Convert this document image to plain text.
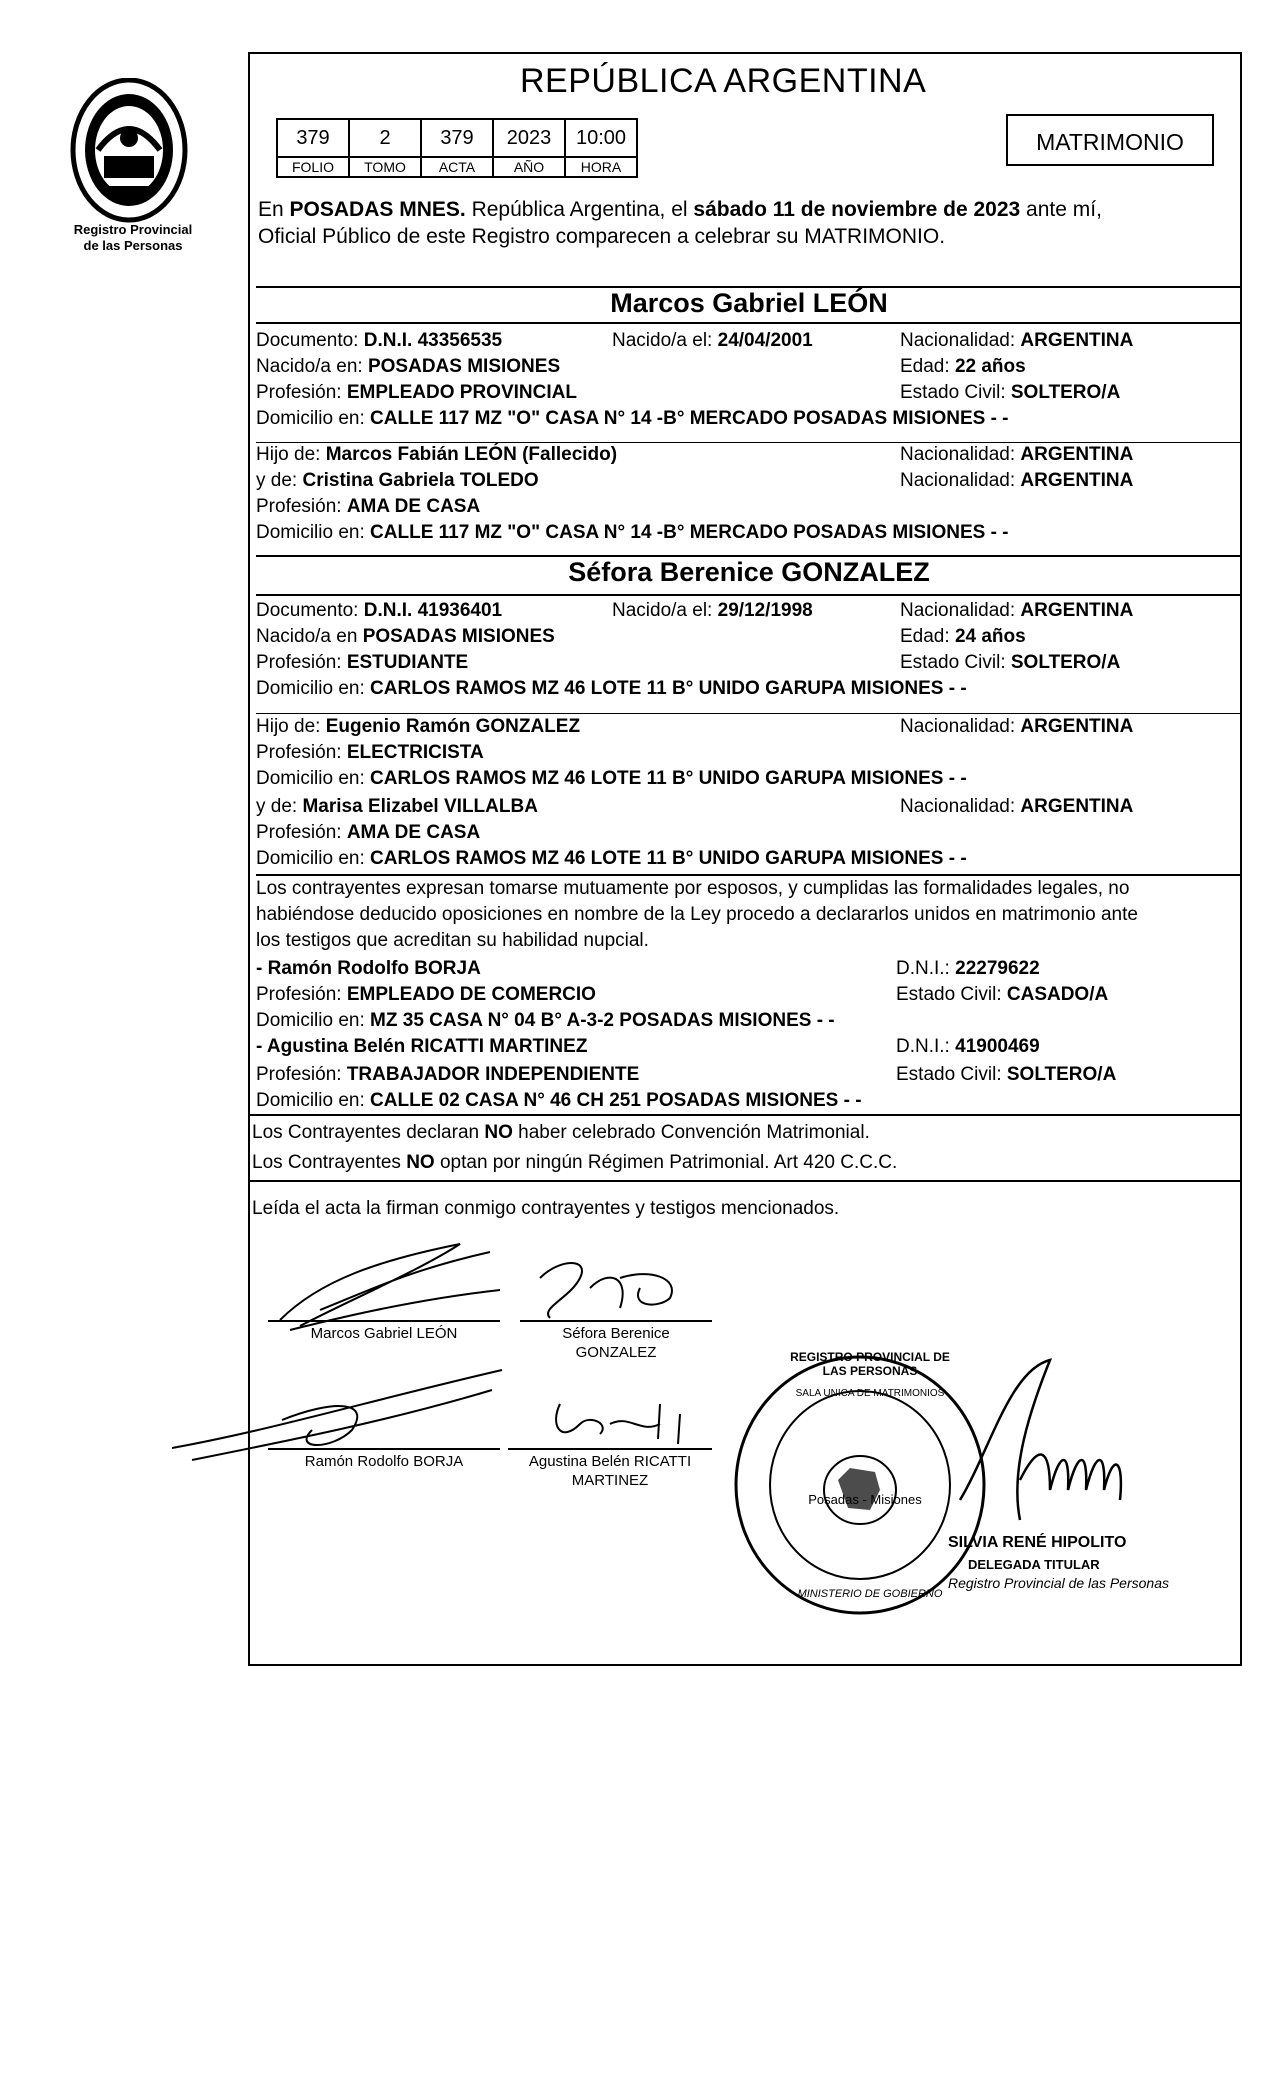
Registro Provincial
de las Personas
REPÚBLICA ARGENTINA
379	2	379	2023	10:00
FOLIO	TOMO	ACTA	AÑO	HORA
MATRIMONIO
En POSADAS MNES. República Argentina, el sábado 11 de noviembre de 2023 ante mí,
Oficial Público de este Registro comparecen a celebrar su MATRIMONIO.
Marcos Gabriel LEÓN
Documento: D.N.I. 43356535	Nacido/a el: 24/04/2001	Nacionalidad: ARGENTINA
Nacido/a en: POSADAS MISIONES	Edad: 22 años
Profesión: EMPLEADO PROVINCIAL	Estado Civil: SOLTERO/A
Domicilio en: CALLE 117 MZ "O" CASA N° 14 -B° MERCADO POSADAS MISIONES - -
Hijo de: Marcos Fabián LEÓN (Fallecido)	Nacionalidad: ARGENTINA
y de: Cristina Gabriela TOLEDO	Nacionalidad: ARGENTINA
Profesión: AMA DE CASA
Domicilio en: CALLE 117 MZ "O" CASA N° 14 -B° MERCADO POSADAS MISIONES - -
Séfora Berenice GONZALEZ
Documento: D.N.I. 41936401	Nacido/a el: 29/12/1998	Nacionalidad: ARGENTINA
Nacido/a en POSADAS MISIONES	Edad: 24 años
Profesión: ESTUDIANTE	Estado Civil: SOLTERO/A
Domicilio en: CARLOS RAMOS MZ 46 LOTE 11 B° UNIDO GARUPA MISIONES - -
Hijo de: Eugenio Ramón GONZALEZ	Nacionalidad: ARGENTINA
Profesión: ELECTRICISTA
Domicilio en: CARLOS RAMOS MZ 46 LOTE 11 B° UNIDO GARUPA MISIONES - -
y de: Marisa Elizabel VILLALBA	Nacionalidad: ARGENTINA
Profesión: AMA DE CASA
Domicilio en: CARLOS RAMOS MZ 46 LOTE 11 B° UNIDO GARUPA MISIONES - -
Los contrayentes expresan tomarse mutuamente por esposos, y cumplidas las formalidades legales, no
habiéndose deducido oposiciones en nombre de la Ley procedo a declararlos unidos en matrimonio ante
los testigos que acreditan su habilidad nupcial.
- Ramón Rodolfo BORJA	D.N.I.: 22279622
Profesión: EMPLEADO DE COMERCIO	Estado Civil: CASADO/A
Domicilio en: MZ 35 CASA N° 04 B° A-3-2 POSADAS MISIONES - -
- Agustina Belén RICATTI MARTINEZ	D.N.I.: 41900469
Profesión: TRABAJADOR INDEPENDIENTE	Estado Civil: SOLTERO/A
Domicilio en: CALLE 02 CASA N° 46 CH 251 POSADAS MISIONES - -
Los Contrayentes declaran NO haber celebrado Convención Matrimonial.
Los Contrayentes NO optan por ningún Régimen Patrimonial. Art 420 C.C.C.
Leída el acta la firman conmigo contrayentes y testigos mencionados.
Marcos Gabriel LEÓN	Séfora Berenice
GONZALEZ
Ramón Rodolfo BORJA	Agustina Belén RICATTI
MARTINEZ
Posadas - Misiones
REGISTRO PROVINCIAL DE LAS PERSONAS
SALA UNICA DE MATRIMONIOS
MINISTERIO DE GOBIERNO
SILVIA RENÉ HIPOLITO
DELEGADA TITULAR
Registro Provincial de las Personas
